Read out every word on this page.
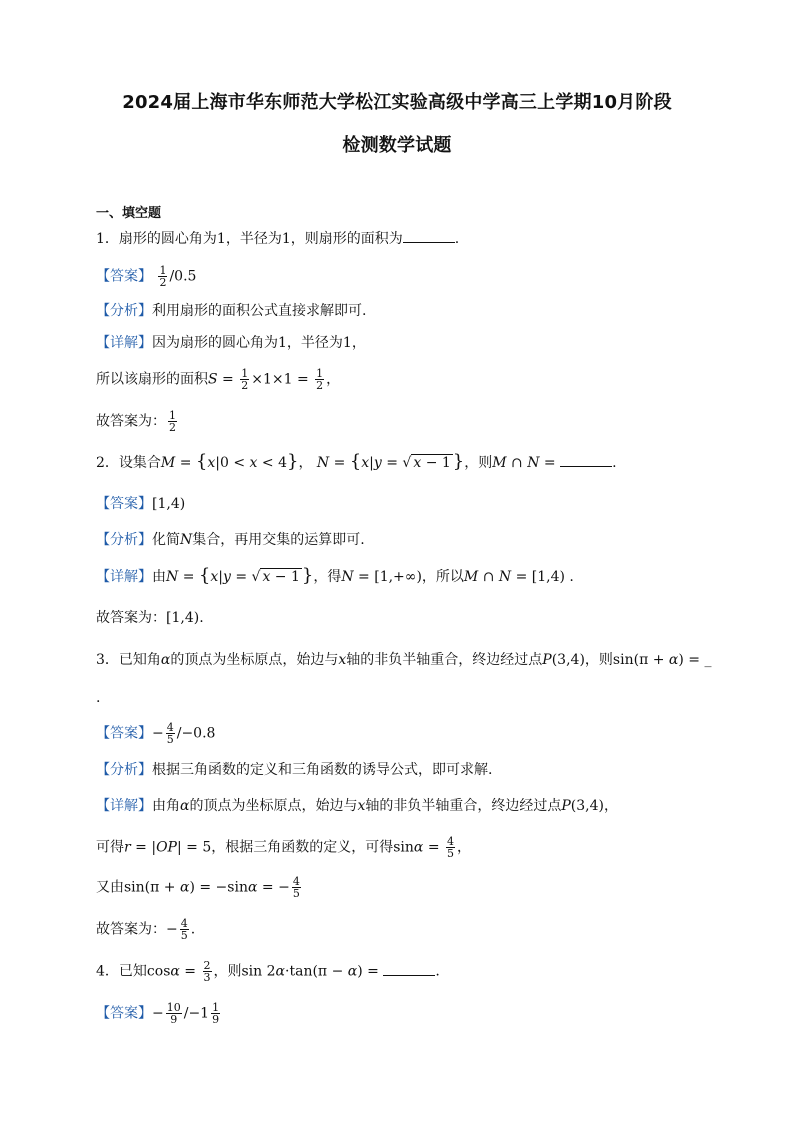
2024届上海市华东师范大学松江实验高级中学高三上学期10月阶段
检测数学试题
一、填空题
1．扇形的圆心角为1，半径为1，则扇形的面积为	.
【答案】 $\frac{1}{2} /0.5$
【分析】利用扇形的面积公式直接求解即可.
【详解】因为扇形的圆心角为1，半径为1，
所以该扇形的面积$S = \frac{1}{2} \times 1\times 1 = \frac{1}{2}$ ，
故答案为： $\frac{1}{2}$
2．设集合M = {x|0 < x < 4}， N = {x|y = √ x − 1 }，则M ∩ N =	.
【答案】[1,4)
【分析】化简N集合，再用交集的运算即可.
【详解】由N = {x|y = √ x − 1 }，得N = [1,+∞)，所以M ∩ N = [1,4) .
故答案为：[1,4).
3．已知角α的顶点为坐标原点，始边与x轴的非负半轴重合，终边经过点P(3,4)，则sin(π + α) = _
.
【答案】− $\frac{4}{5} /-0.8$
【分析】根据三角函数的定义和三角函数的诱导公式，即可求解.
【详解】由角α的顶点为坐标原点，始边与x轴的非负半轴重合，终边经过点P(3,4)，
可得r = |OP| = 5，根据三角函数的定义，可得$\sin\alpha = \frac{4}{5}$ ，
又由sin(π + α) = −sinα = − $\frac{4}{5}$
故答案为：− $\frac{4}{5}$ .
4．已知$\cos\alpha = \frac{2}{3}$ ，则sin 2α·tan(π − α) =	.
【答案】− $\frac{10}{9} /-1 \frac{1}{9}$
